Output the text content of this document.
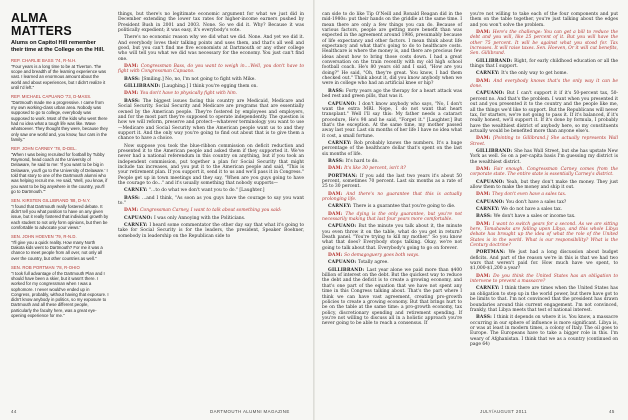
ALMA MATTERS
Alums on Capitol Hill remember their time at the College on the Hill.
REP. CHARLIE BASS '74, R-N.H.
"Four years is a long time to be at Tiverton. The scope and breadth of the learning experience was vast. I learned an enormous amount about the world and about experiences, but I didn't realize it until I'd left."
REP. MICHAEL CAPUANO '73, D-MASS.
"Dartmouth made me a progressive. I came from my own working-class urban area. Nobody was supposed to go to college, everybody was supposed to work. Most of the kids who went there had no idea what a tough life was like. Wave whatsoever. They thought they were, because they only saw one world and, you know, four cars in the family."
REP. JOHN CARNEY '78, D-DEL.
"When I was being recruited for football by Tubby Raymond, head coach at the University of Delaware, he said to me: 'If you want to be big in Delaware, you'll go to the University of Delaware.' I told that story to one of the Dartmouth alumni who was helping recruit me. He said, 'Well, you know, if you want to be big anywhere in the country, you'll go to Dartmouth.'"
SEN. KIRSTEN GILLIBRAND '88, D-N.Y.
"I found that Dartmouth really fostered debate. It didn't tell you what position to have on any given issue, but it really fostered that individual growth by each student to not only form opinions, but then be comfortable to advocate your views."
SEN. JOHN HOEVEN '79, R-N.D.
"I'll give you a quick reality. How many North Dakota kids went to Dartmouth? For me it was a chance to meet people from all over, not only all over the country, but other countries as well."
SEN. ROB PORTMAN '78, R-OHIO
"I took full advantage of the Dartmouth Plan and I should have been a skier, but it wasn't there. I worked for my congressman when I was a sophomore. I never would've ended up in Congress, probably, without having that exposure. I didn't know anybody in politics, so my exposure to Dartmouth and all these different people, particularly the faculty here, was a great eye-opening experience for me."

things, but there's no legitimate economic argument for what we just did in December extending the lower tax rates for higher-income earners pushed by President Bush in 2001 and 2003. None. So we did it. Why? Because it was politically expedient; it was easy, it's everybody's vote.

There's no economic reason why we did what we did. None. And yet we did it. And everybody loves their talking points and uses them, and that's all well and good, but you can't find me five economists at Dartmouth or any other college who will tell you what we did was necessary for the economy. You just can't find one.

DAM: Congressman Bass, do you want to weigh in....Well, you don't have to fight with Congressman Capuano.

BASS: [Smiling.] No, no, I'm not going to fight with Mike.

GILLIBRAND: [Laughing.] I think you're egging them on.

DAM: You don't have to physically fight with him.

BASS: The biggest issues facing this country are Medicaid, Medicare and Social Security. Social Security and Medicare are programs that are essentially owned by the American people. They're fostered by employees and employers, and for the most part they're supposed to operate independently. The question is how we will reform, preserve and protect—whatever terminology you want to use—Medicare and Social Security when the American people want us to and they support it. And the only way you're going to find out about that is to give them a chance to have a choice.

Now suppose you took the blue-ribbon commission on deficit reduction and presented it to the American people and asked them if they supported it. We've never had a national referendum in this country on anything, but if you took an independent commission, put together a plan for Social Security that might include tax increases, and you put it to the American people and said, "This is your retirement plan. If you support it, send it to us and we'll pass it in Congress." People get up in town meetings and they say, "When are you guys going to have the courage to do..." and it's usually something that nobody supports—

CARNEY: "...to do what we don't want you to do." [Laughter.]

BASS: ...and I think, "As soon as you guys have the courage to say you want to."

DAM: Congressman Carney, I want to talk about something you said:

CAPUANO: I was only Annoying with the Politicians.

CARNEY: I heard some commentator the other day say that what it's going to take for Social Security is for the leaders, the president, Speaker Boehner, somebody in leadership on the Republican side to

can side to do like Tip O'Neill and Ronald Reagan did in the mid-1980s: put their hands on the griddle at the same time. I mean there are only a few things you can do. Because of various factors, people are getting more benefit than was expected in the agreement around 1986, presumably because of life expectancy and other factors. I mean think about life expectancy and what that's going to do to healthcare costs. Healthcare is where the money is, and there are precious few ideas about how to bring those costs down. I had a great conversation on the train recently with my old high school football coach. He's 80 years old and I said, "How are you doing?" He said, "Oh, they're great. You know, I had them checked out." Think about it, did you know anybody when we were in college who had an artificial knee or hip?

BASS: Forty years ago the therapy for a heart attack was bed rest and green pills, that was it.

CAPUANO: I don't know anybody who says, "No, I don't want the extra MRI. Nope, I do not want that heart transplant." Well I'll say this: My father needs a cataract procedure, He's 98 and he said, "Forget it." [Laughter.] But that's the exception. At the same time, my mother passed away last year. Last six months of her life I have no idea what it cost, a small fortune.

CARNEY: Rob probably knows the numbers. It's a huge percentage of the healthcare dollar that's spent on the last six months of life.

BASS: It's hard to do.

DAM: It's like 30 percent, isn't it?

PORTMAN: If you add the last two years it's about 50 percent, sometimes 70 percent. Last six months as a rate of 25 to 30 percent.

DAM: And there's no guarantee that this is actually prolonging life.

CARNEY: There is a guarantee that you're going to die.

DAM: The dying is the only guarantee, but you're not necessarily making that last four years more comfortable.

CAPUANO: But the minute you talk about it, the minute you even throw it on the table, what do you get in return? Death panel. "You're trying to kill my mother." So you know what that does? Everybody stops talking. Okay, we're not going to talk about that. Everybody's going to go on forever.

DAM: So demagoguery goes both ways.

CAPUANO: Totally agree.

GILLIBRAND: Last year alone we paid more than $400 billion of interest on the debt. But the quickest way to reduce the debt and the deficit is to create a growing economy, and that's one part of the equation that we have not spent any time in this Congress talking about. That's the part where I think we can have vast agreement, creating pro-growth policies to create a growing economy. But that brings hurt to be on the table at the same time: a pro-growth economy, tax policy, discretionary spending and retirement spending. If you're not willing to discuss all in a holistic approach you're never going to be able to reach a consensus. If

you're not willing to take each of the four components and put them on the table together, you're just talking about the edges and you won't solve the problem.

DAM: Here's the challenge: You can get a bill to reduce the debt and you will, like 25 percent of it. But you will have the other 75 percent. It will be against what you stood for. Tax increases. It will raise taxes. Sen. Hoeven, Or it will cut benefits, Sen. Gillibrand.

GILLIBRAND: Right, for early childhood education or all the things that I support.

CARNEY: It's the only way to get home.

DAM: And everybody knows that's the only way it can be done.

CAPUANO: But I can't support it if it's 50-percent tax, 50-percent no. And that's the problem. I want when you presented it out and you presented it to the country and the people like me, all the things we'd like to support. But the Republicans will never tax, for starters, we're not going to pass it. If it's balanced, if it's really honest, we'll support it. If it's done by formula, I probably have the wealthiest district of anybody here, so my constituents actually would be benefited more than anyone else's.

DAM: [Pointing to Gillibrand.] She actually represents Wall Street.

GILLIBRAND: She has Wall Street, but she has upstate New York as well. So on a per-capita basis I'm guessing my district is the wealthiest district.

DAM: Fair enough. Congressman Carney comes from the corporate state. The entire state is essentially Carney's district.

CAPUANO: Yeah, but they don't make the money. They just allow them to make the money and ship it out.

DAM: They don't even have a sales tax.

CAPUANO: You don't have a sales tax?

CARNEY: We do not have a sales tax.

BASS: We don't have a sales or income tax.

DAM: I want to switch gears for a second. As we are sitting here, Tomahawks are falling upon Libya, and this whole Libya debate has brought up the idea of what the role of the United States is in the world. What is our responsibility? What is the Century doctrine?

PORTMAN: We just had a long discussion about budget deficits. And part of the reason we're in this is that we had two wars that weren't paid for. How much have we spent, to $1,000-$1,200 a year?

DAM: Do you think the United States has an obligation to intervene to prevent a massacre?

CARNEY: I think there are times when the United States has an obligation to step up in the world power, but there have got to be limits to that. I'm not convinced that the president has drawn boundaries around this current engagement. I'm not convinced, frankly, that Libya meets that test of national interest.

BASS: I think it depends on where it is. You know, a massacre occurring in our sphere of influence is more significant. Libya is, or was at least in modern times, a colony of Italy. The oil goes to Europe. The Europeans have to take a bigger role in this. I'm weary of Afghanistan. I think that we as a country (continued on page 64)

44	DARTMOUTH ALUMNI MAGAZINE	JULY/AUGUST 2011	45
